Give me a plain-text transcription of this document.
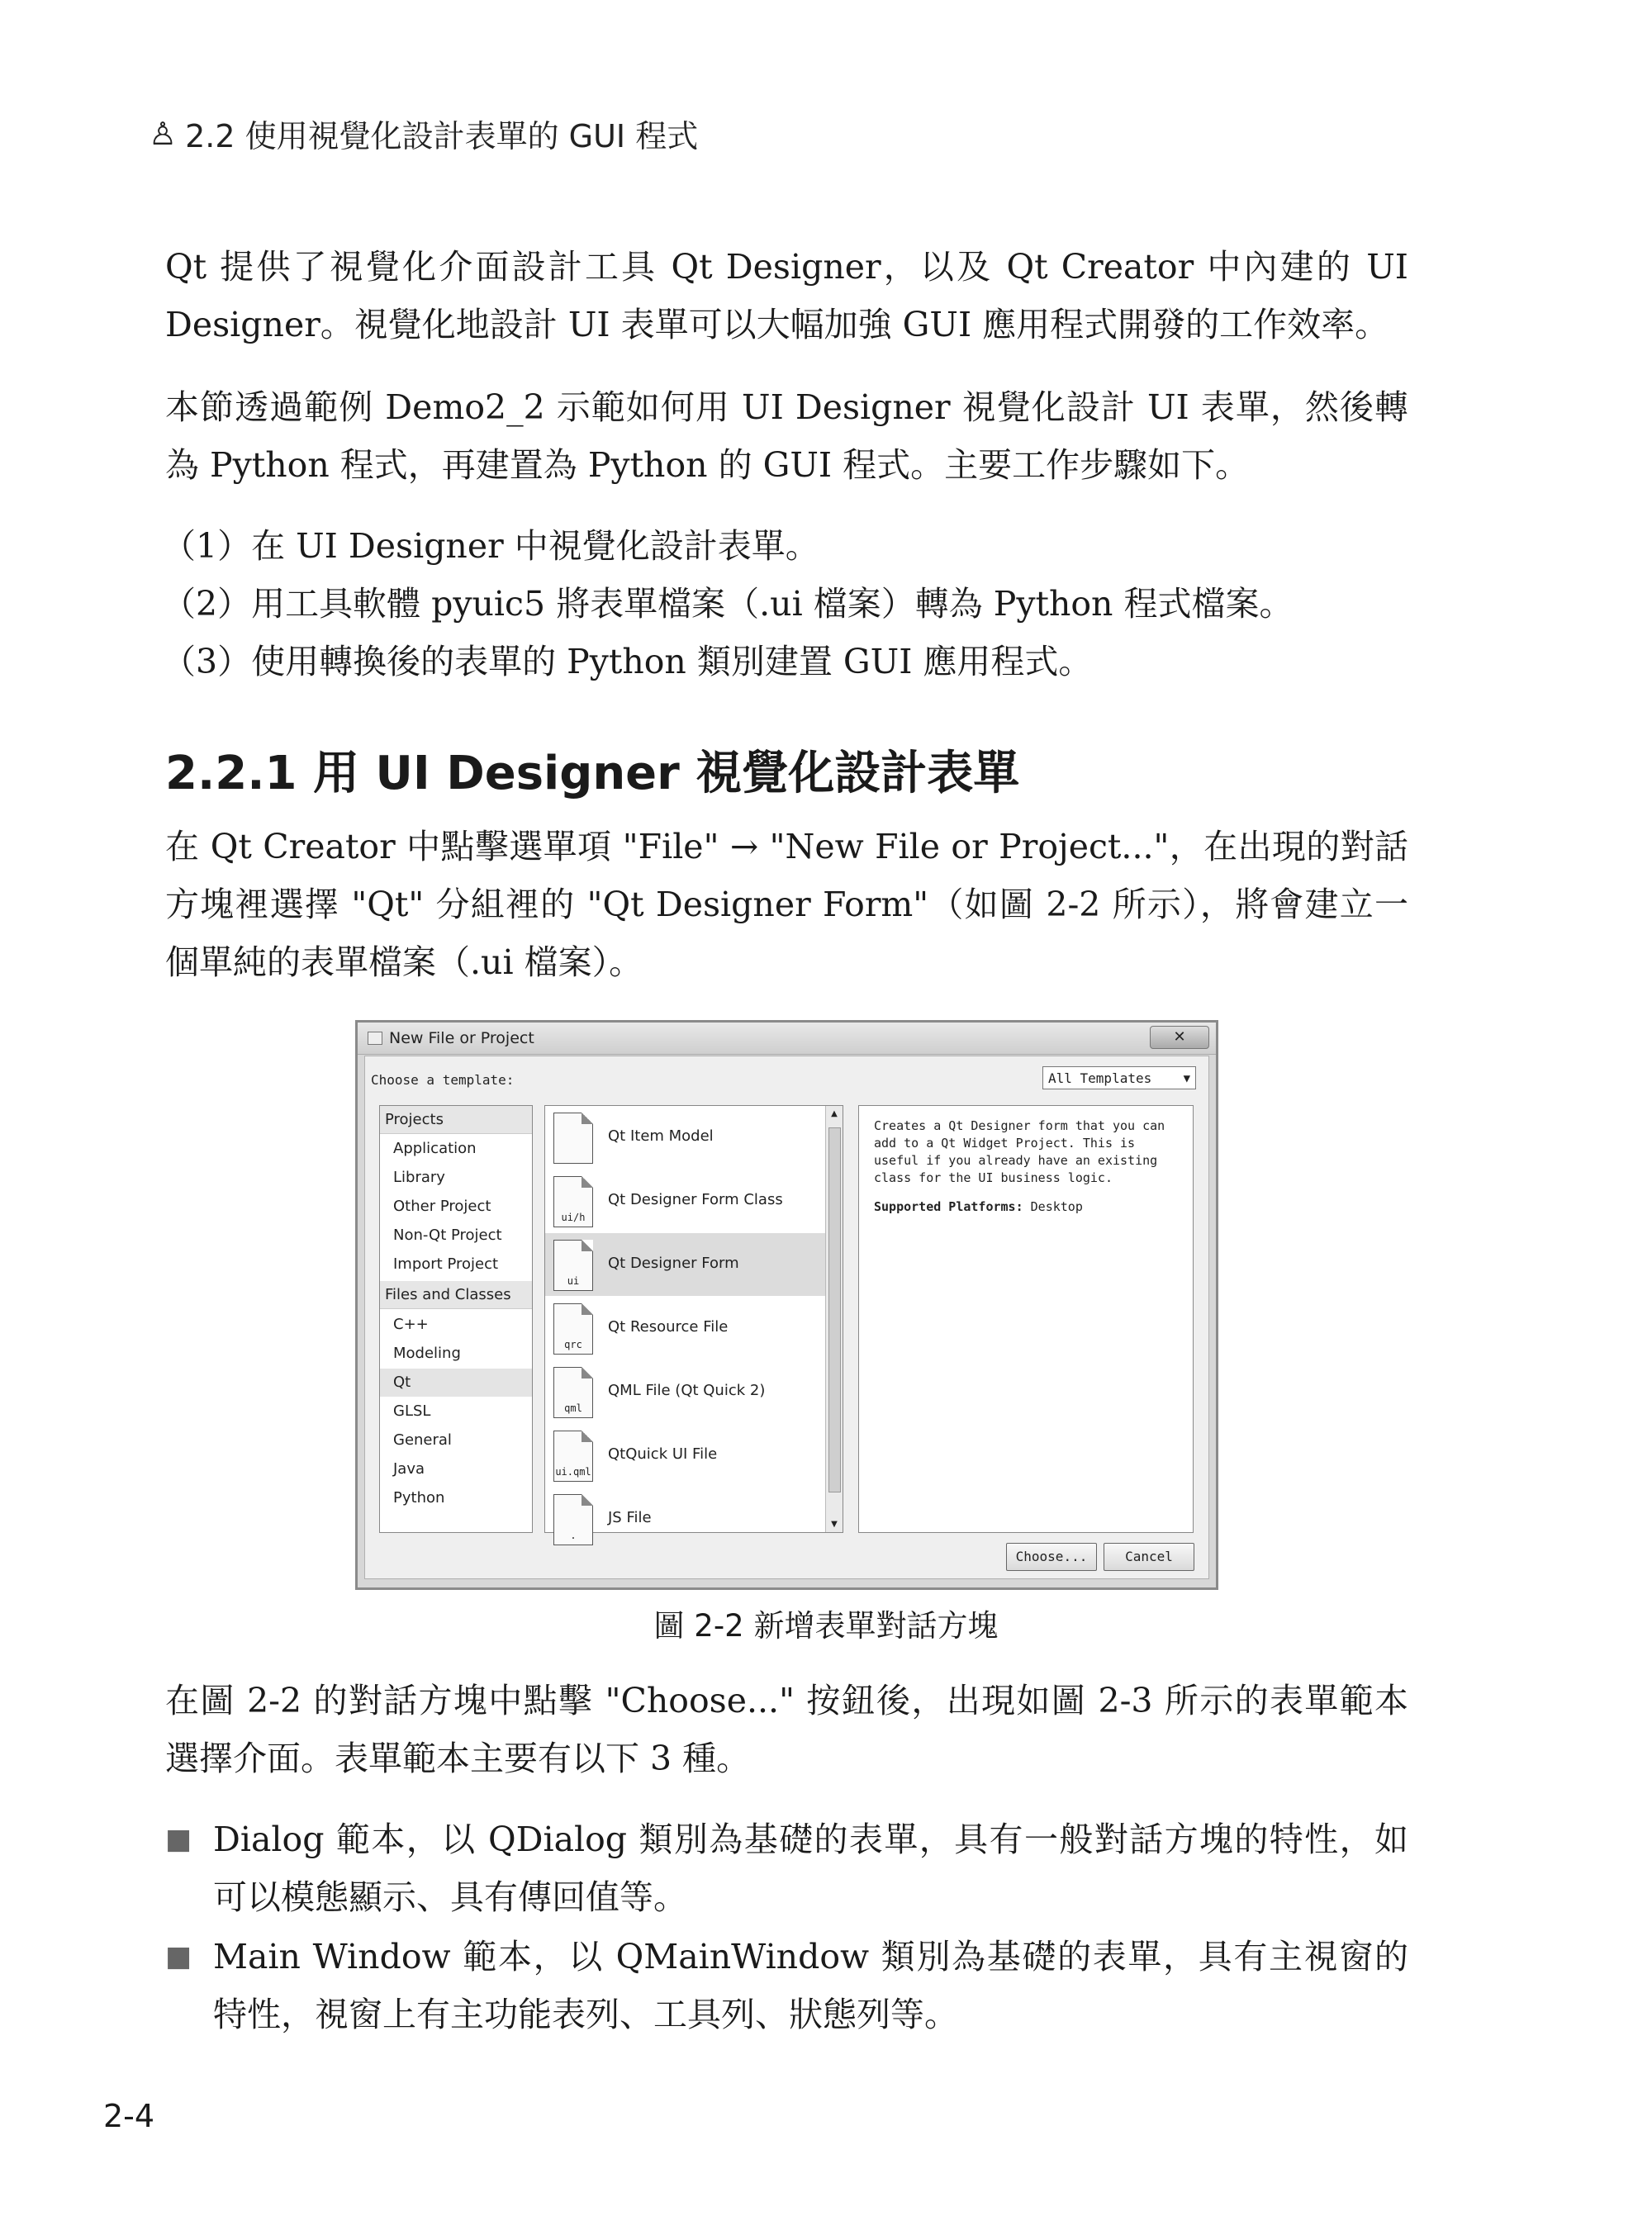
♙ 2.2 使用視覺化設計表單的 GUI 程式

Qt 提供了視覺化介面設計工具 Qt Designer，以及 Qt Creator 中內建的 UI Designer。視覺化地設計 UI 表單可以大幅加強 GUI 應用程式開發的工作效率。

本節透過範例 Demo2_2 示範如何用 UI Designer 視覺化設計 UI 表單，然後轉為 Python 程式，再建置為 Python 的 GUI 程式。主要工作步驟如下。

（1）在 UI Designer 中視覺化設計表單。
（2）用工具軟體 pyuic5 將表單檔案（.ui 檔案）轉為 Python 程式檔案。
（3）使用轉換後的表單的 Python 類別建置 GUI 應用程式。
2.2.1 用 UI Designer 視覺化設計表單

在 Qt Creator 中點擊選單項 "File" → "New File or Project..."，在出現的對話方塊裡選擇 "Qt" 分組裡的 "Qt Designer Form"（如圖 2-2 所示），將會建立一個單純的表單檔案（.ui 檔案）。

New File or Project	✕
Choose a template:	All Templates	▼
Projects
Application
Library
Other Project
Non-Qt Project
Import Project
Files and Classes
C++
Modeling
Qt
GLSL
General
Java
Python
Qt Item Model
ui/h
Qt Designer Form Class
ui
Qt Designer Form
qrc
Qt Resource File
qml
QML File (Qt Quick 2)
ui.qml
QtQuick UI File
.
JS File
▲
▼
Creates a Qt Designer form that you can add to a Qt Widget Project. This is useful if you already have an existing class for the UI business logic.
Supported Platforms: Desktop
Choose...	Cancel
圖 2-2 新增表單對話方塊

在圖 2-2 的對話方塊中點擊 "Choose..." 按鈕後，出現如圖 2-3 所示的表單範本選擇介面。表單範本主要有以下 3 種。

■ Dialog 範本，以 QDialog 類別為基礎的表單，具有一般對話方塊的特性，如可以模態顯示、具有傳回值等。
■ Main Window 範本，以 QMainWindow 類別為基礎的表單，具有主視窗的特性，視窗上有主功能表列、工具列、狀態列等。
2-4
